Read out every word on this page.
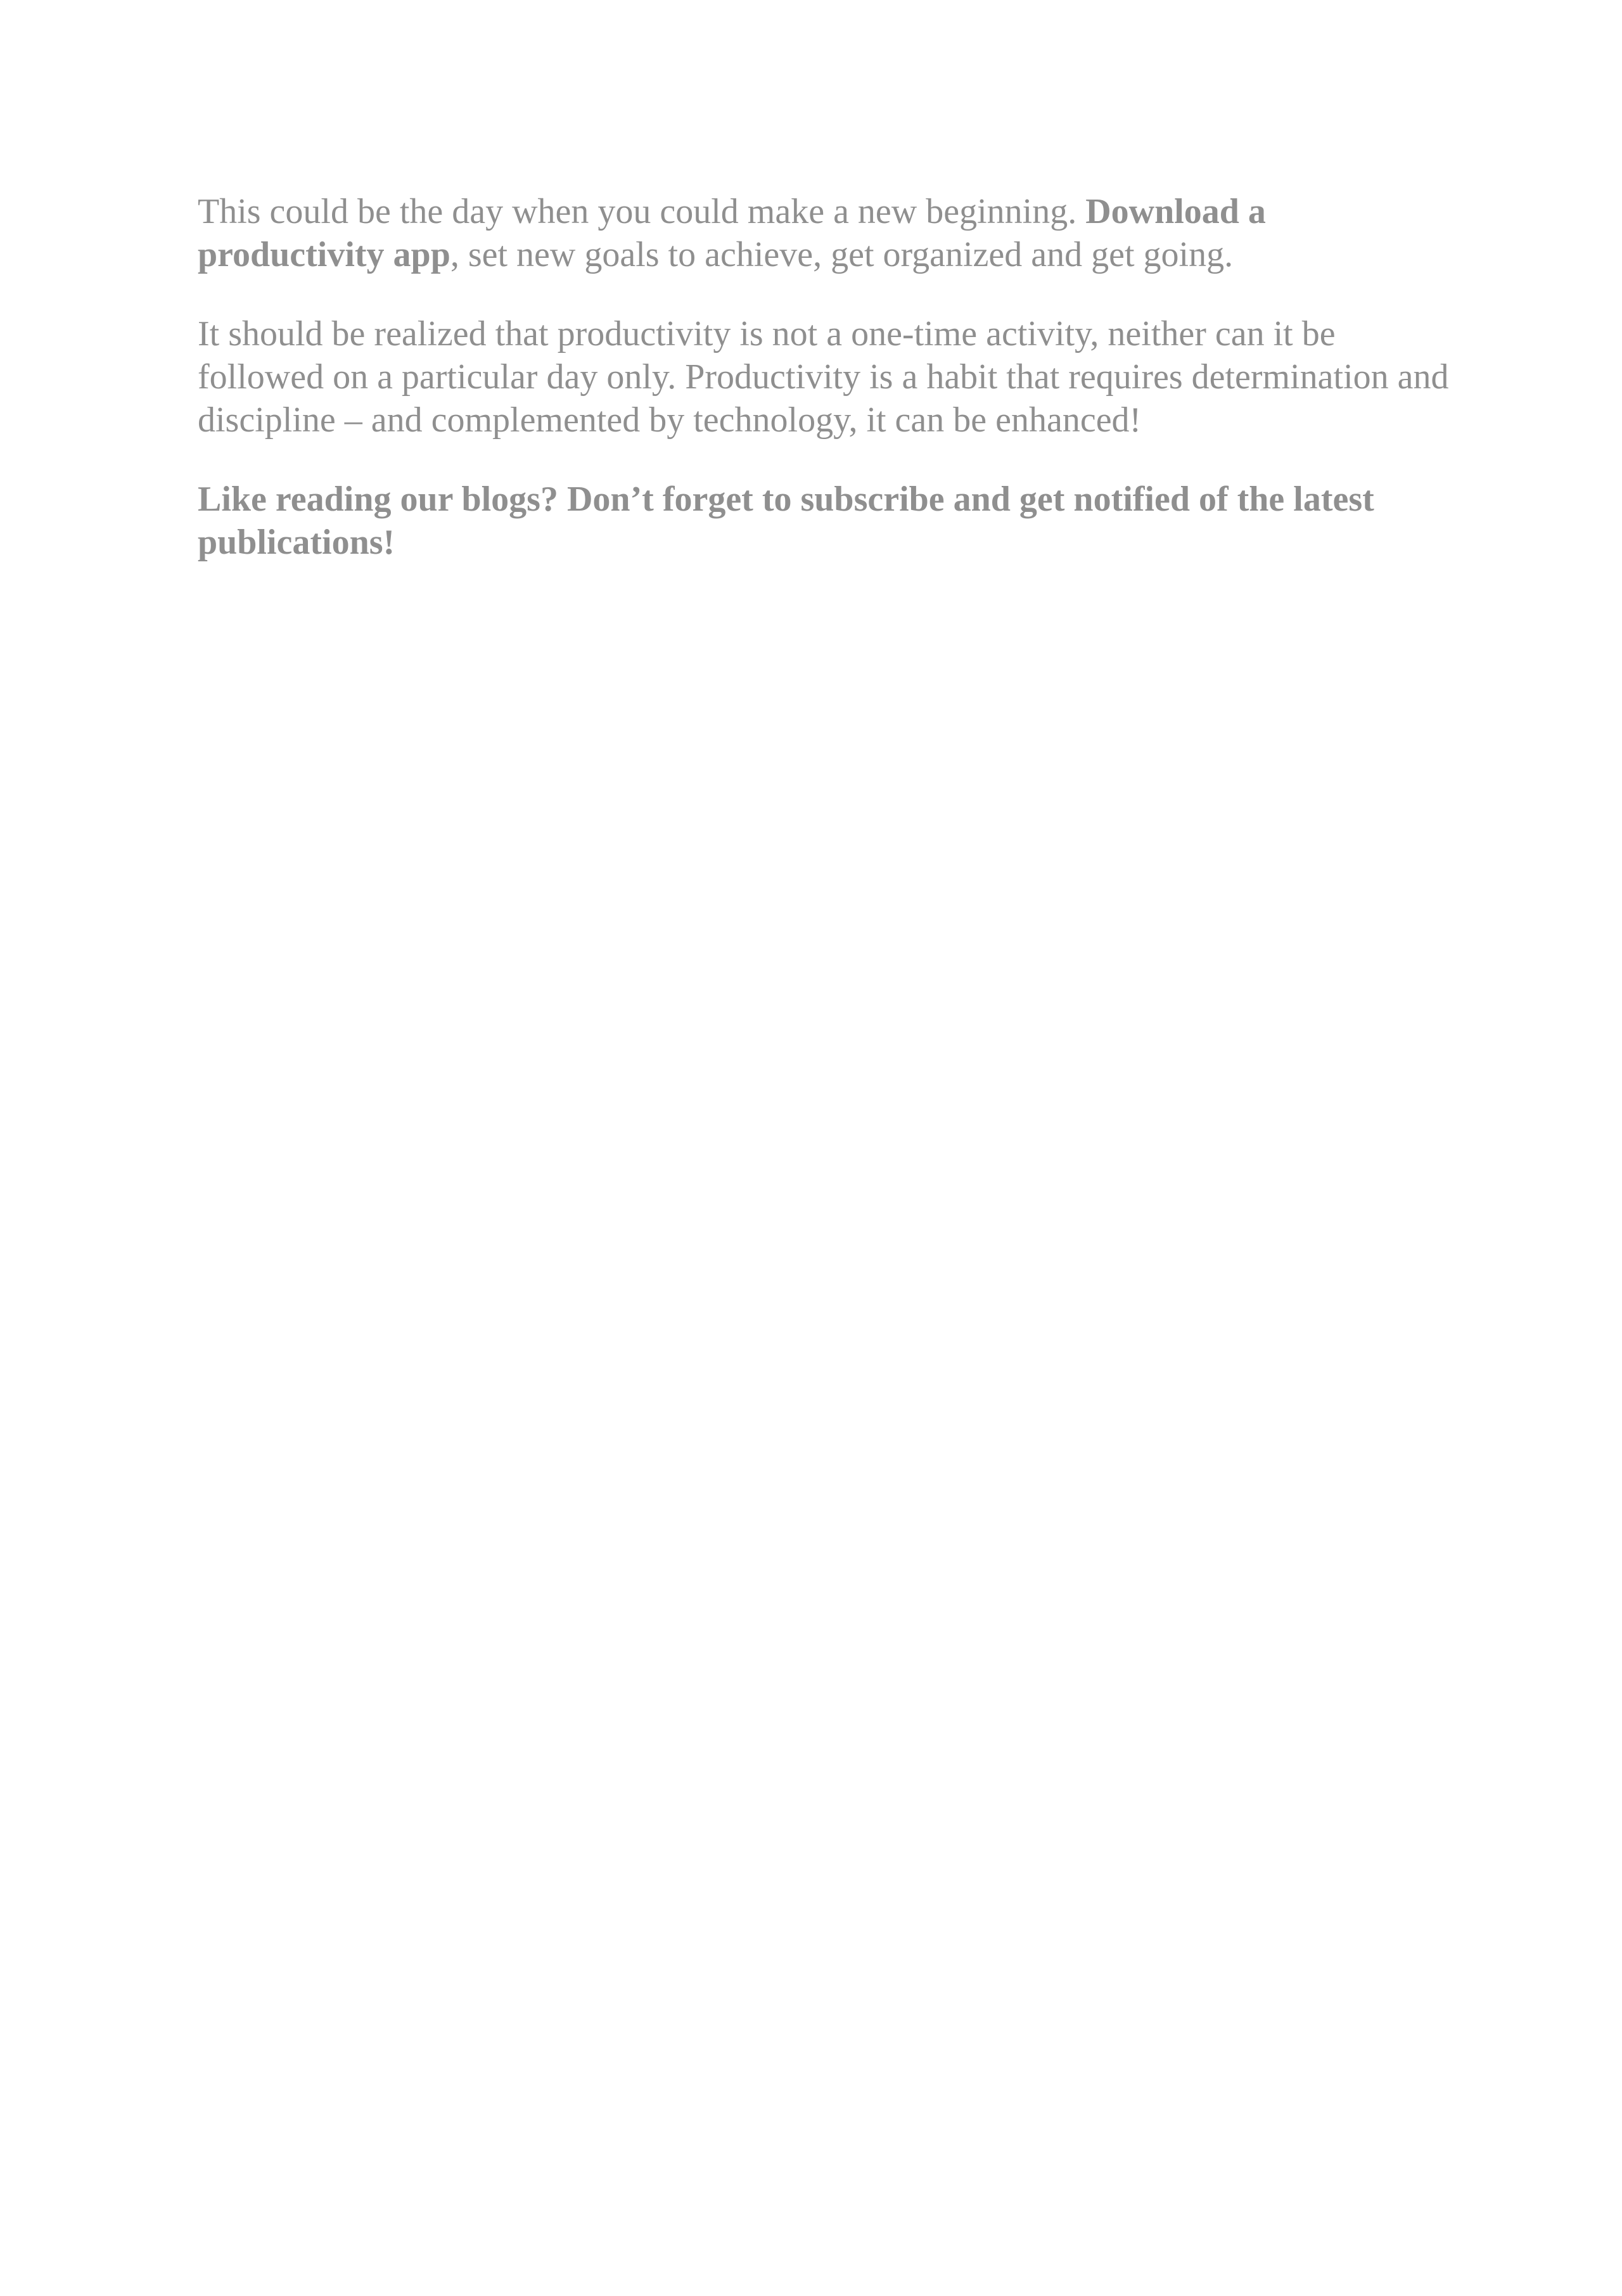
This could be the day when you could make a new beginning. Download a productivity app, set new goals to achieve, get organized and get going.

It should be realized that productivity is not a one-time activity, neither can it be followed on a particular day only. Productivity is a habit that requires determination and discipline – and complemented by technology, it can be enhanced!

Like reading our blogs? Don’t forget to subscribe and get notified of the latest publications!
